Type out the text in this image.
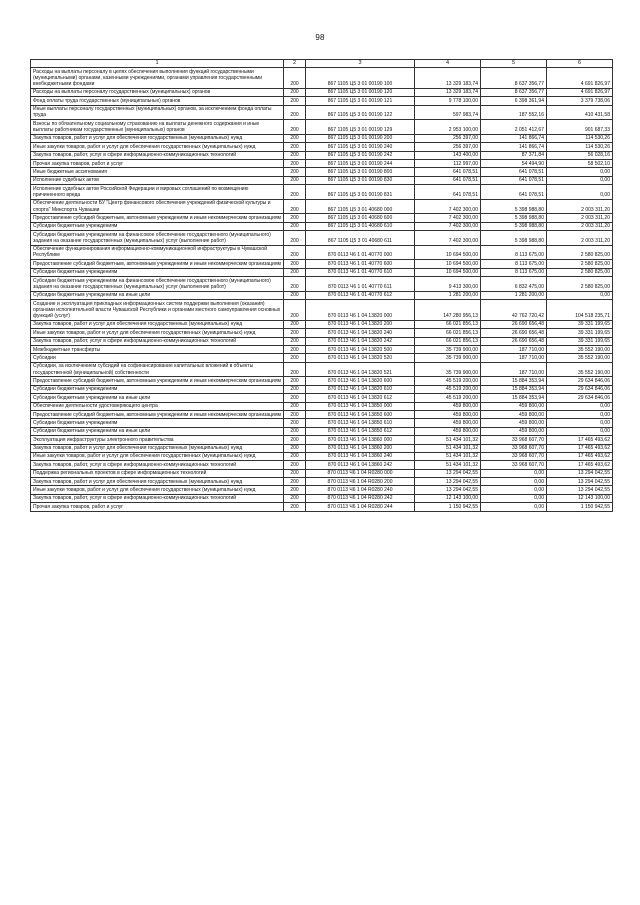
98
1	2	3	4	5	6
Расходы на выплаты персоналу в целях обеспечения выполнения функций государственными (муниципальными) органами, казенными учреждениями, органами управления государственными внебюджетными фондами	200	867 1105 Ц5 3 01 00190 100	13 329 183,74	8 637 356,77	4 691 826,97
Расходы на выплаты персоналу государственных (муниципальных) органов	200	867 1105 Ц5 3 01 00190 120	13 329 183,74	8 637 356,77	4 691 826,97
Фонд оплаты труда государственных (муниципальных) органов	200	867 1105 Ц5 3 01 00190 121	9 778 100,00	6 398 361,94	3 379 738,06
Иные выплаты персоналу государственных (муниципальных) органов, за исключением фонда оплаты труда	200	867 1105 Ц5 3 01 00190 122	597 983,74	187 552,16	410 431,58
Взносы по обязательному социальному страхованию на выплаты денежного содержания и иные выплаты работникам государственных (муниципальных) органов	200	867 1105 Ц5 3 01 00190 129	2 953 100,00	2 051 412,67	901 687,33
Закупка товаров, работ и услуг для обеспечения государственных (муниципальных) нужд	200	867 1105 Ц5 3 01 00190 200	256 397,00	141 866,74	114 530,26
Иные закупки товаров, работ и услуг для обеспечения государственных (муниципальных) нужд	200	867 1105 Ц5 3 01 00190 240	256 397,00	141 866,74	114 530,26
Закупка товаров, работ, услуг в сфере информационно-коммуникационных технологий	200	867 1105 Ц5 3 01 00190 242	143 400,00	87 371,84	56 028,16
Прочая закупка товаров, работ и услуг	200	867 1105 Ц5 3 01 00190 244	112 997,00	54 494,90	58 502,10
Иные бюджетные ассигнования	200	867 1105 Ц5 3 01 00190 800	641 078,51	641 078,51	0,00
Исполнение судебных актов	200	867 1105 Ц5 3 01 00190 830	641 078,51	641 078,51	0,00
Исполнение судебных актов Российской Федерации и мировых соглашений по возмещению причиненного вреда	200	867 1105 Ц5 3 01 00190 831	641 078,51	641 078,51	0,00
Обеспечение деятельности БУ "Центр финансового обеспечения учреждений физической культуры и спорта" Минспорта Чувашии	200	867 1105 Ц5 3 01 40680 000	7 402 300,00	5 398 988,80	2 003 311,20
Предоставление субсидий бюджетным, автономным учреждениям и иным некоммерческим организациям	200	867 1105 Ц5 3 01 40680 600	7 402 300,00	5 398 988,80	2 003 311,20
Субсидии бюджетным учреждениям	200	867 1105 Ц5 3 01 40680 610	7 402 300,00	5 398 988,80	2 003 311,20
Субсидии бюджетным учреждениям на финансовое обеспечение государственного (муниципального) задания на оказание государственных (муниципальных) услуг (выполнение работ)	200	867 1105 Ц5 3 01 40680 611	7 402 300,00	5 398 988,80	2 003 311,20
Обеспечение функционирования информационно-коммуникационной инфраструктуры в Чувашской Республике	200	870 0113 Ч6 1 01 40770 000	10 694 500,00	8 113 675,00	2 580 825,00
Предоставление субсидий бюджетным, автономным учреждениям и иным некоммерческим организациям	200	870 0113 Ч6 1 01 40770 600	10 694 500,00	8 113 675,00	2 580 825,00
Субсидии бюджетным учреждениям	200	870 0113 Ч6 1 01 40770 610	10 694 500,00	8 113 675,00	2 580 825,00
Субсидии бюджетным учреждениям на финансовое обеспечение государственного (муниципального) задания на оказание государственных (муниципальных) услуг (выполнение работ)	200	870 0113 Ч6 1 01 40770 611	9 413 300,00	6 832 475,00	2 580 825,00
Субсидии бюджетным учреждениям на иные цели	200	870 0113 Ч6 1 01 40770 612	1 281 200,00	1 281 200,00	0,00
Создание и эксплуатация прикладных информационных систем поддержки выполнения (оказания) органами исполнительной власти Чувашской Республики и органами местного самоуправления основных функций (услуг)	200	870 0113 Ч6 1 04 13820 000	147 280 956,13	42 762 720,42	104 518 235,71
Закупка товаров, работ и услуг для обеспечения государственных (муниципальных) нужд	200	870 0113 Ч6 1 04 13820 200	66 021 856,13	26 690 656,48	39 331 199,65
Иные закупки товаров, работ и услуг для обеспечения государственных (муниципальных) нужд	200	870 0113 Ч6 1 04 13820 240	66 021 856,13	26 690 656,48	39 331 199,65
Закупка товаров, работ, услуг в сфере информационно-коммуникационных технологий	200	870 0113 Ч6 1 04 13820 242	66 021 856,13	26 690 656,48	39 331 199,65
Межбюджетные трансферты	200	870 0113 Ч6 1 04 13820 500	35 739 900,00	187 710,00	35 552 190,00
Субсидии	200	870 0113 Ч6 1 04 13820 520	35 739 900,00	187 710,00	35 552 190,00
Субсидии, за исключением субсидий на софинансирование капитальных вложений в объекты государственной (муниципальной) собственности	200	870 0113 Ч6 1 04 13820 521	35 739 900,00	187 710,00	35 552 190,00
Предоставление субсидий бюджетным, автономным учреждениям и иным некоммерческим организациям	200	870 0113 Ч6 1 04 13820 600	45 519 200,00	15 884 353,94	29 634 846,06
Субсидии бюджетным учреждениям	200	870 0113 Ч6 1 04 13820 610	45 519 200,00	15 884 353,94	29 634 846,06
Субсидии бюджетным учреждениям на иные цели	200	870 0113 Ч6 1 04 13820 612	45 519 200,00	15 884 353,94	29 634 846,06
Обеспечение деятельности удостоверяющего центра	200	870 0113 Ч6 1 04 13850 000	459 800,00	459 800,00	0,00
Предоставление субсидий бюджетным, автономным учреждениям и иным некоммерческим организациям	200	870 0113 Ч6 1 04 13850 600	459 800,00	459 800,00	0,00
Субсидии бюджетным учреждениям	200	870 0113 Ч6 1 04 13850 610	459 800,00	459 800,00	0,00
Субсидии бюджетным учреждениям на иные цели	200	870 0113 Ч6 1 04 13850 612	459 800,00	459 800,00	0,00
Эксплуатация инфраструктуры электронного правительства	200	870 0113 Ч6 1 04 13860 000	51 434 101,32	33 968 607,70	17 465 493,62
Закупка товаров, работ и услуг для обеспечения государственных (муниципальных) нужд	200	870 0113 Ч6 1 04 13860 200	51 434 101,32	33 968 607,70	17 465 493,62
Иные закупки товаров, работ и услуг для обеспечения государственных (муниципальных) нужд	200	870 0113 Ч6 1 04 13860 240	51 434 101,32	33 968 607,70	17 465 493,62
Закупка товаров, работ, услуг в сфере информационно-коммуникационных технологий	200	870 0113 Ч6 1 04 13860 242	51 434 101,32	33 968 607,70	17 465 493,62
Поддержка региональных проектов в сфере информационных технологий	200	870 0113 Ч6 1 04 R0280 000	13 294 042,55	0,00	13 294 042,55
Закупка товаров, работ и услуг для обеспечения государственных (муниципальных) нужд	200	870 0113 Ч6 1 04 R0280 200	13 294 042,55	0,00	13 294 042,55
Иные закупки товаров, работ и услуг для обеспечения государственных (муниципальных) нужд	200	870 0113 Ч6 1 04 R0280 240	13 294 042,55	0,00	13 294 042,55
Закупка товаров, работ, услуг в сфере информационно-коммуникационных технологий	200	870 0113 Ч6 1 04 R0280 242	12 143 100,00	0,00	12 143 100,00
Прочая закупка товаров, работ и услуг	200	870 0113 Ч6 1 04 R0280 244	1 150 942,55	0,00	1 150 942,55
